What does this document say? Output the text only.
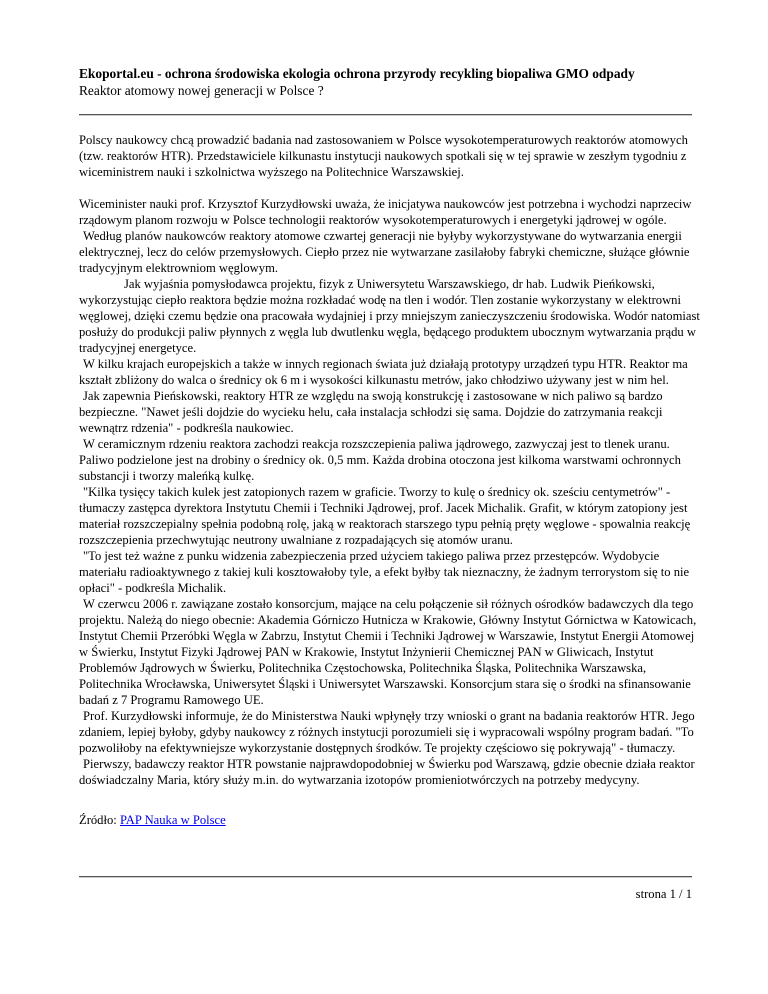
Ekoportal.eu - ochrona środowiska ekologia ochrona przyrody recykling biopaliwa GMO odpady
Reaktor atomowy nowej generacji w Polsce ?

Polscy naukowcy chcą prowadzić badania nad zastosowaniem w Polsce wysokotemperaturowych reaktorów atomowych (tzw. reaktorów HTR). Przedstawiciele kilkunastu instytucji naukowych spotkali się w tej sprawie w zeszłym tygodniu z wiceministrem nauki i szkolnictwa wyższego na Politechnice Warszawskiej.

Wiceminister nauki prof. Krzysztof Kurzydłowski uważa, że inicjatywa naukowców jest potrzebna i wychodzi naprzeciw rządowym planom rozwoju w Polsce technologii reaktorów wysokotemperaturowych i energetyki jądrowej w ogóle.

Według planów naukowców reaktory atomowe czwartej generacji nie byłyby wykorzystywane do wytwarzania energii elektrycznej, lecz do celów przemysłowych. Ciepło przez nie wytwarzane zasilałoby fabryki chemiczne, służące głównie tradycyjnym elektrowniom węglowym.

Jak wyjaśnia pomysłodawca projektu, fizyk z Uniwersytetu Warszawskiego, dr hab. Ludwik Pieńkowski, wykorzystując ciepło reaktora będzie można rozkładać wodę na tlen i wodór. Tlen zostanie wykorzystany w elektrowni węglowej, dzięki czemu będzie ona pracowała wydajniej i przy mniejszym zanieczyszczeniu środowiska. Wodór natomiast posłuży do produkcji paliw płynnych z węgla lub dwutlenku węgla, będącego produktem ubocznym wytwarzania prądu w tradycyjnej energetyce.

W kilku krajach europejskich a także w innych regionach świata już działają prototypy urządzeń typu HTR. Reaktor ma kształt zbliżony do walca o średnicy ok 6 m i wysokości kilkunastu metrów, jako chłodziwo używany jest w nim hel.

Jak zapewnia Pieńskowski, reaktory HTR ze względu na swoją konstrukcję i zastosowane w nich paliwo są bardzo bezpieczne. "Nawet jeśli dojdzie do wycieku helu, cała instalacja schłodzi się sama. Dojdzie do zatrzymania reakcji wewnątrz rdzenia" - podkreśla naukowiec.

W ceramicznym rdzeniu reaktora zachodzi reakcja rozszczepienia paliwa jądrowego, zazwyczaj jest to tlenek uranu. Paliwo podzielone jest na drobiny o średnicy ok. 0,5 mm. Każda drobina otoczona jest kilkoma warstwami ochronnych substancji i tworzy maleńką kulkę.

"Kilka tysięcy takich kulek jest zatopionych razem w graficie. Tworzy to kulę o średnicy ok. sześciu centymetrów" - tłumaczy zastępca dyrektora Instytutu Chemii i Techniki Jądrowej, prof. Jacek Michalik. Grafit, w którym zatopiony jest materiał rozszczepialny spełnia podobną rolę, jaką w reaktorach starszego typu pełnią pręty węglowe - spowalnia reakcję rozszczepienia przechwytując neutrony uwalniane z rozpadających się atomów uranu.

"To jest też ważne z punku widzenia zabezpieczenia przed użyciem takiego paliwa przez przestępców. Wydobycie materiału radioaktywnego z takiej kuli kosztowałoby tyle, a efekt byłby tak nieznaczny, że żadnym terrorystom się to nie opłaci" - podkreśla Michalik.

W czerwcu 2006 r. zawiązane zostało konsorcjum, mające na celu połączenie sił różnych ośrodków badawczych dla tego projektu. Należą do niego obecnie: Akademia Górniczo Hutnicza w Krakowie, Główny Instytut Górnictwa w Katowicach, Instytut Chemii Przeróbki Węgla w Zabrzu, Instytut Chemii i Techniki Jądrowej w Warszawie, Instytut Energii Atomowej w Świerku, Instytut Fizyki Jądrowej PAN w Krakowie, Instytut Inżynierii Chemicznej PAN w Gliwicach, Instytut Problemów Jądrowych w Świerku, Politechnika Częstochowska, Politechnika Śląska, Politechnika Warszawska, Politechnika Wrocławska, Uniwersytet Śląski i Uniwersytet Warszawski. Konsorcjum stara się o środki na sfinansowanie badań z 7 Programu Ramowego UE.

Prof. Kurzydłowski informuje, że do Ministerstwa Nauki wpłynęły trzy wnioski o grant na badania reaktorów HTR. Jego zdaniem, lepiej byłoby, gdyby naukowcy z różnych instytucji porozumieli się i wypracowali wspólny program badań. "To pozwoliłoby na efektywniejsze wykorzystanie dostępnych środków. Te projekty częściowo się pokrywają" - tłumaczy.

Pierwszy, badawczy reaktor HTR powstanie najprawdopodobniej w Świerku pod Warszawą, gdzie obecnie działa reaktor doświadczalny Maria, który służy m.in. do wytwarzania izotopów promieniotwórczych na potrzeby medycyny.

Źródło: PAP Nauka w Polsce
strona 1 / 1
